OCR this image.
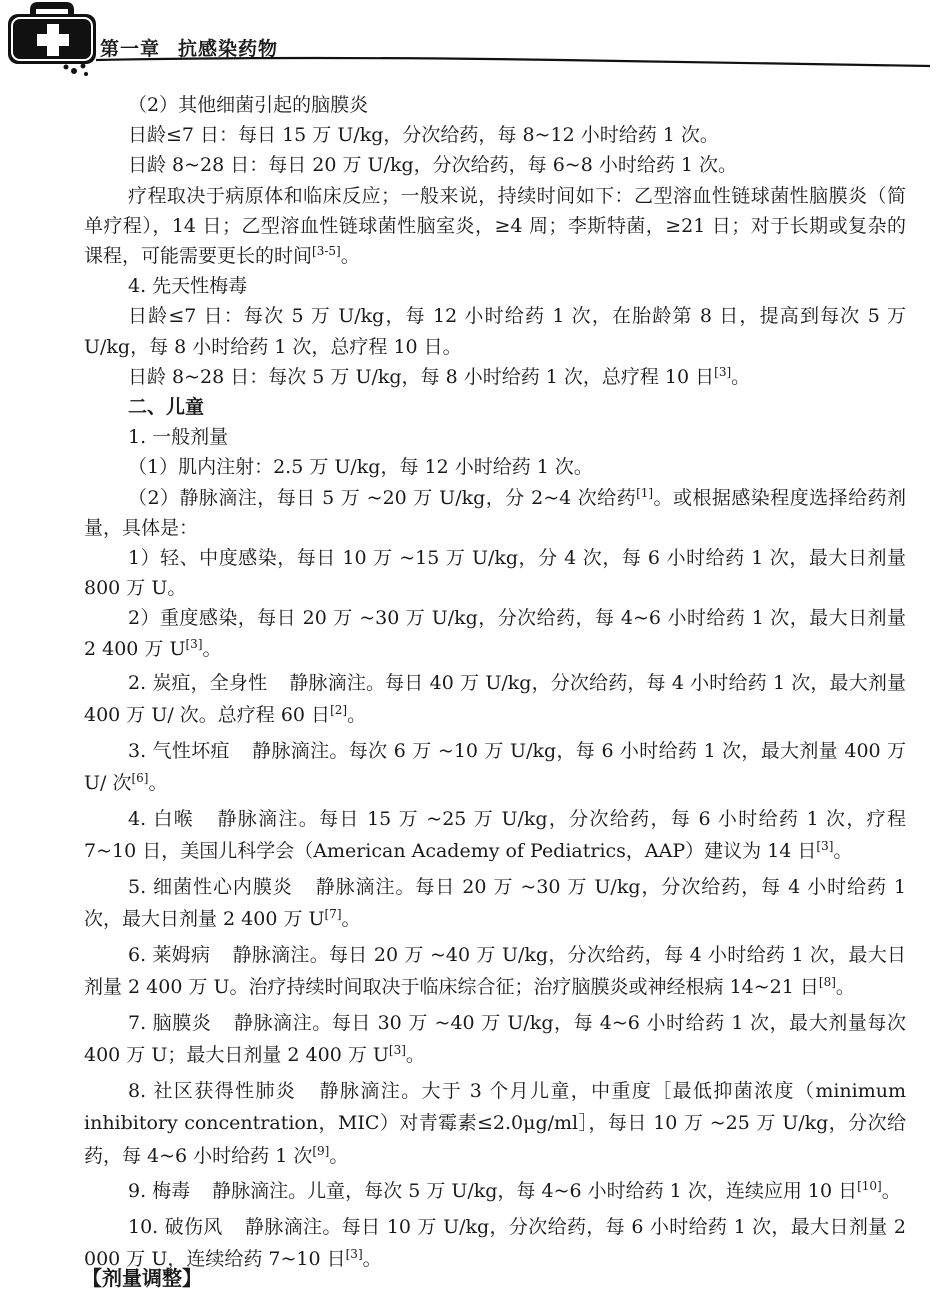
第一章 抗感染药物

（2）其他细菌引起的脑膜炎

日龄≤7 日：每日 15 万 U/kg，分次给药，每 8~12 小时给药 1 次。

日龄 8~28 日：每日 20 万 U/kg，分次给药，每 6~8 小时给药 1 次。

疗程取决于病原体和临床反应；一般来说，持续时间如下：乙型溶血性链球菌性脑膜炎（简单疗程），14 日；乙型溶血性链球菌性脑室炎，≥4 周；李斯特菌，≥21 日；对于长期或复杂的课程，可能需要更长的时间[3-5]。

4. 先天性梅毒

日龄≤7 日：每次 5 万 U/kg，每 12 小时给药 1 次，在胎龄第 8 日，提高到每次 5 万 U/kg，每 8 小时给药 1 次，总疗程 10 日。

日龄 8~28 日：每次 5 万 U/kg，每 8 小时给药 1 次，总疗程 10 日[3]。

二、儿童

1. 一般剂量

（1）肌内注射：2.5 万 U/kg，每 12 小时给药 1 次。

（2）静脉滴注，每日 5 万 ~20 万 U/kg，分 2~4 次给药[1]。或根据感染程度选择给药剂量，具体是：

1）轻、中度感染，每日 10 万 ~15 万 U/kg，分 4 次，每 6 小时给药 1 次，最大日剂量 800 万 U。

2）重度感染，每日 20 万 ~30 万 U/kg，分次给药，每 4~6 小时给药 1 次，最大日剂量 2 400 万 U[3]。

2. 炭疽，全身性 静脉滴注。每日 40 万 U/kg，分次给药，每 4 小时给药 1 次，最大剂量 400 万 U/ 次。总疗程 60 日[2]。

3. 气性坏疽 静脉滴注。每次 6 万 ~10 万 U/kg，每 6 小时给药 1 次，最大剂量 400 万 U/ 次[6]。

4. 白喉 静脉滴注。每日 15 万 ~25 万 U/kg，分次给药，每 6 小时给药 1 次，疗程 7~10 日，美国儿科学会（American Academy of Pediatrics，AAP）建议为 14 日[3]。

5. 细菌性心内膜炎 静脉滴注。每日 20 万 ~30 万 U/kg，分次给药，每 4 小时给药 1 次，最大日剂量 2 400 万 U[7]。

6. 莱姆病 静脉滴注。每日 20 万 ~40 万 U/kg，分次给药，每 4 小时给药 1 次，最大日剂量 2 400 万 U。治疗持续时间取决于临床综合征；治疗脑膜炎或神经根病 14~21 日[8]。

7. 脑膜炎 静脉滴注。每日 30 万 ~40 万 U/kg，每 4~6 小时给药 1 次，最大剂量每次 400 万 U；最大日剂量 2 400 万 U[3]。

8. 社区获得性肺炎 静脉滴注。大于 3 个月儿童，中重度［最低抑菌浓度（minimum inhibitory concentration，MIC）对青霉素≤2.0μg/ml］，每日 10 万 ~25 万 U/kg，分次给药，每 4~6 小时给药 1 次[9]。

9. 梅毒 静脉滴注。儿童，每次 5 万 U/kg，每 4~6 小时给药 1 次，连续应用 10 日[10]。

10. 破伤风 静脉滴注。每日 10 万 U/kg，分次给药，每 6 小时给药 1 次，最大日剂量 2 000 万 U，连续给药 7~10 日[3]。

【剂量调整】
